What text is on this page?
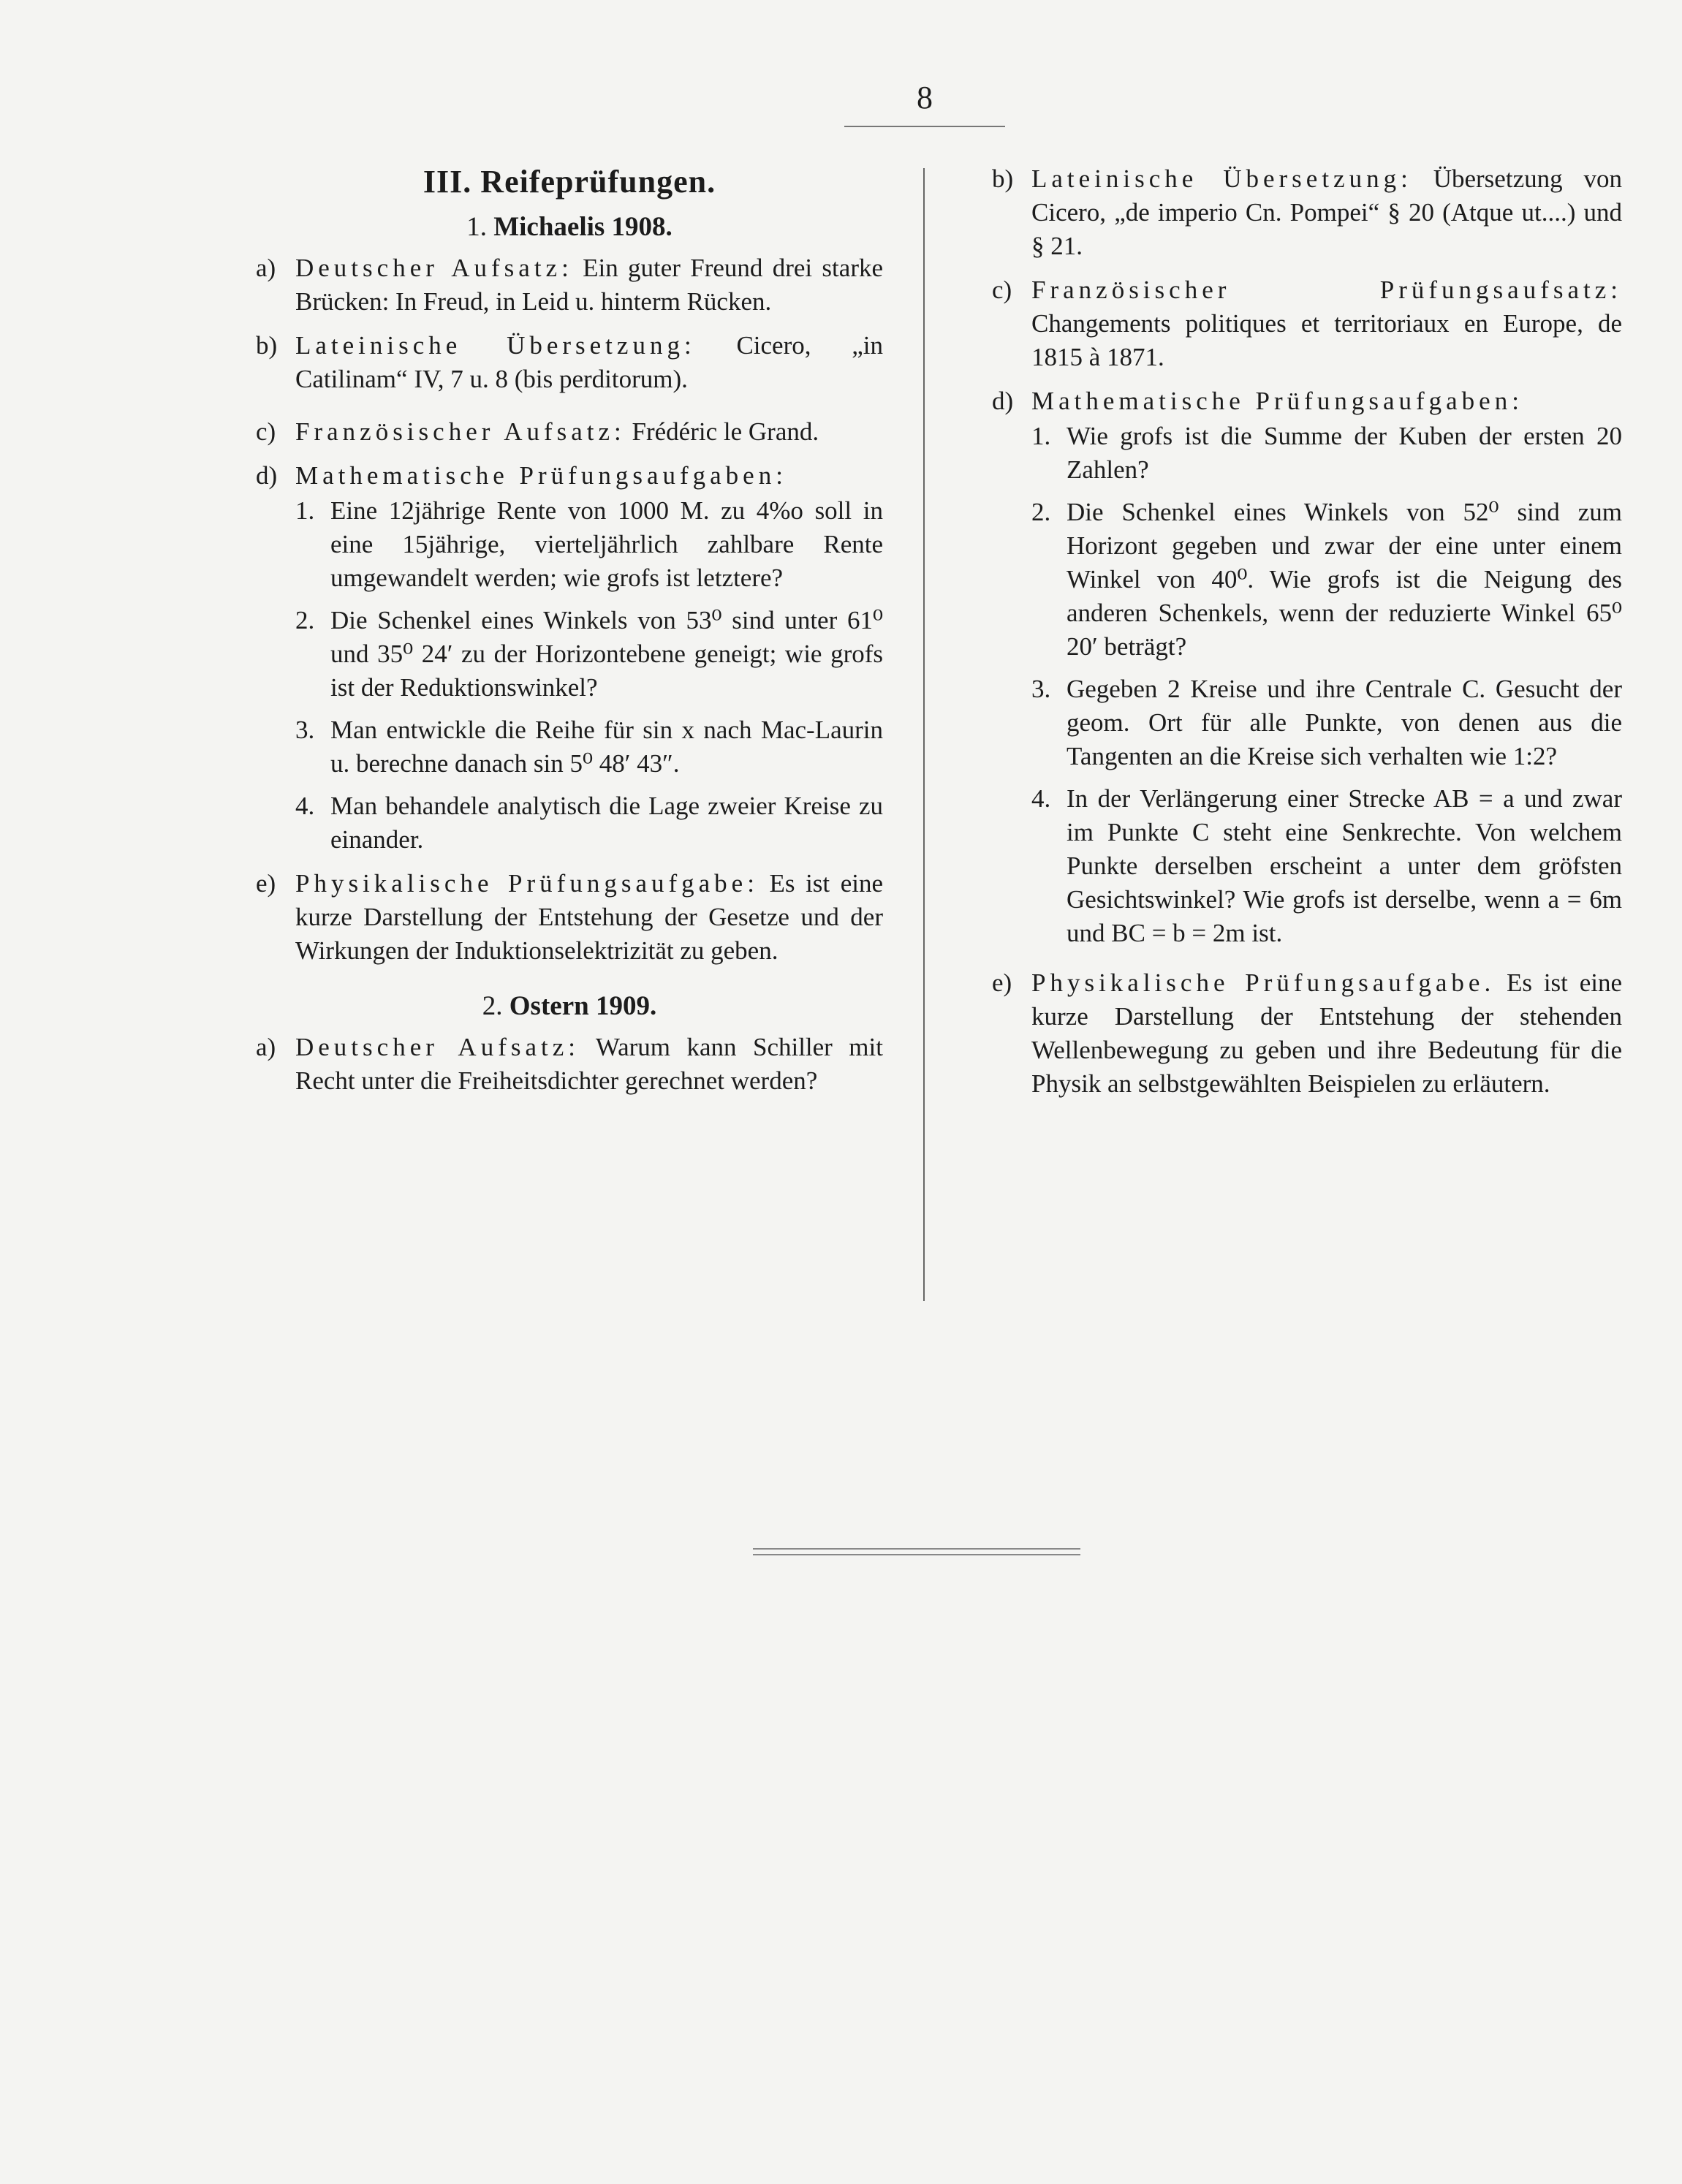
8
III. Reifeprüfungen.
1. Michaelis 1908.
a) Deutscher Aufsatz: Ein guter Freund drei starke Brücken: In Freud, in Leid u. hinterm Rücken.
b) Lateinische Übersetzung: Cicero, „in Catilinam“ IV, 7 u. 8 (bis perditorum).
c) Französischer Aufsatz: Frédéric le Grand.
d) Mathematische Prüfungsaufgaben:
1. Eine 12jährige Rente von 1000 M. zu 4%o soll in eine 15jährige, vierteljährlich zahlbare Rente umgewandelt werden; wie grofs ist letztere?
2. Die Schenkel eines Winkels von 53⁰ sind unter 61⁰ und 35⁰ 24′ zu der Horizontebene geneigt; wie grofs ist der Reduktionswinkel?
3. Man entwickle die Reihe für sin x nach Mac-Laurin u. berechne danach sin 5⁰ 48′ 43″.
4. Man behandele analytisch die Lage zweier Kreise zu einander.
e) Physikalische Prüfungsaufgabe: Es ist eine kurze Darstellung der Entstehung der Gesetze und der Wirkungen der Induktionselektrizität zu geben.
2. Ostern 1909.
a) Deutscher Aufsatz: Warum kann Schiller mit Recht unter die Freiheitsdichter gerechnet werden?
b) Lateinische Übersetzung: Übersetzung von Cicero, „de imperio Cn. Pompei“ § 20 (Atque ut....) und § 21.
c) Französischer Prüfungsaufsatz: Changements politiques et territoriaux en Europe, de 1815 à 1871.
d) Mathematische Prüfungsaufgaben:
1. Wie grofs ist die Summe der Kuben der ersten 20 Zahlen?
2. Die Schenkel eines Winkels von 52⁰ sind zum Horizont gegeben und zwar der eine unter einem Winkel von 40⁰. Wie grofs ist die Neigung des anderen Schenkels, wenn der reduzierte Winkel 65⁰ 20′ beträgt?
3. Gegeben 2 Kreise und ihre Centrale C. Gesucht der geom. Ort für alle Punkte, von denen aus die Tangenten an die Kreise sich verhalten wie 1:2?
4. In der Verlängerung einer Strecke AB = a und zwar im Punkte C steht eine Senkrechte. Von welchem Punkte derselben erscheint a unter dem gröfsten Gesichtswinkel? Wie grofs ist derselbe, wenn a = 6m und BC = b = 2m ist.
e) Physikalische Prüfungsaufgabe. Es ist eine kurze Darstellung der Entstehung der stehenden Wellenbewegung zu geben und ihre Bedeutung für die Physik an selbstgewählten Beispielen zu erläutern.
